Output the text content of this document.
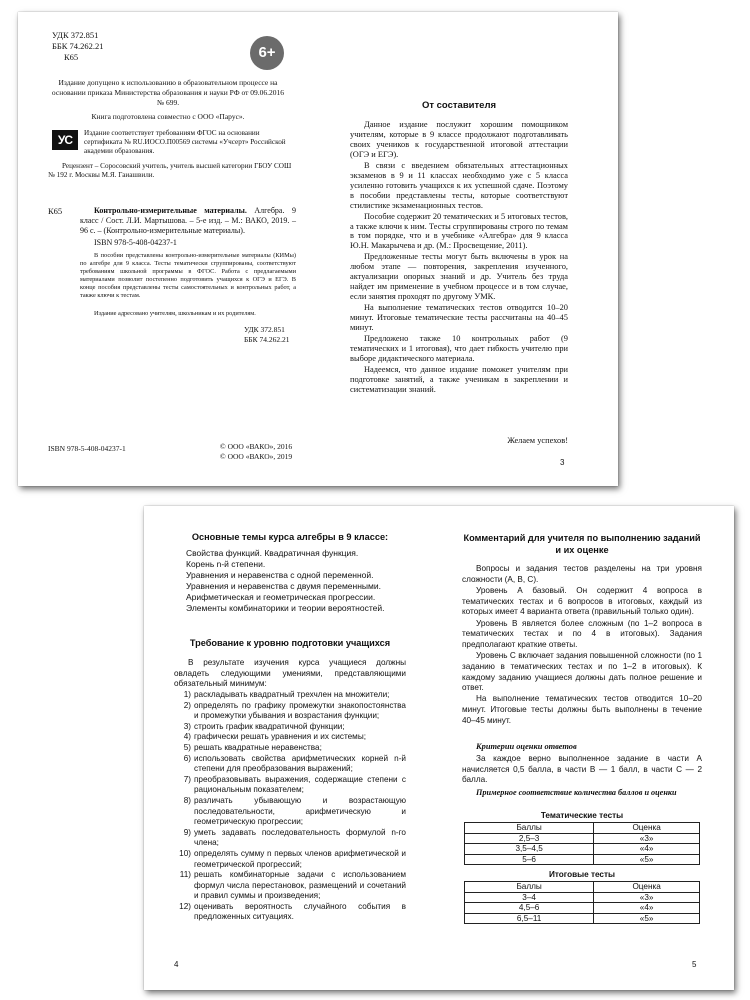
УДК 372.851
ББК 74.262.21
К65	6+

Издание допущено к использованию в образовательном процессе на основании приказа Министерства образования и науки РФ от 09.06.2016 № 699.

Книга подготовлена совместно с ООО «Парус».

УС	Издание соответствует требованиям ФГОС на основании сертификата № RU.ИОСО.П00569 системы «Учсерт» Российской академии образования.

Рецензент – Соросовский учитель, учитель высшей категории ГБОУ СОШ № 192 г. Москвы М.Я. Гаиашвили.

К65	Контрольно-измерительные материалы. Алгебра. 9 класс / Сост. Л.И. Мартышова. – 5-е изд. – М.: ВАКО, 2019. – 96 с. – (Контрольно-измерительные материалы).

ISBN 978-5-408-04237-1

В пособии представлены контрольно-измерительные материалы (КИМы) по алгебре для 9 класса. Тесты тематически сгруппированы, соответствуют требованиям школьной программы в ФГОС. Работа с предлагаемыми материалами позволит постепенно подготовить учащихся к ОГЭ и ЕГЭ. В конце пособия представлены тесты самостоятельных и контрольных работ, а также ключи к тестам.

Издание адресовано учителям, школьникам и их родителям.

УДК 372.851
ББК 74.262.21
ISBN 978-5-408-04237-1	© ООО «ВАКО», 2016
© ООО «ВАКО», 2019
От составителя

Данное издание послужит хорошим помощником учителям, которые в 9 классе продолжают подготавливать своих учеников к государственной итоговой аттестации (ОГЭ и ЕГЭ).

В связи с введением обязательных аттестационных экзаменов в 9 и 11 классах необходимо уже с 5 класса усиленно готовить учащихся к их успешной сдаче. Поэтому в пособии представлены тесты, которые соответствуют стилистике экзаменационных тестов.

Пособие содержит 20 тематических и 5 итоговых тестов, а также ключи к ним. Тесты сгруппированы строго по темам в том порядке, что и в учебнике «Алгебра» для 9 класса Ю.Н. Макарычева и др. (М.: Просвещение, 2011).

Предложенные тесты могут быть включены в урок на любом этапе — повторения, закрепления изученного, актуализации опорных знаний и др. Учитель без труда найдет им применение в учебном процессе и в том случае, если занятия проходят по другому УМК.

На выполнение тематических тестов отводится 10–20 минут. Итоговые тематические тесты рассчитаны на 40–45 минут.

Предложено также 10 контрольных работ (9 тематических и 1 итоговая), что дает гибкость учителю при выборе дидактического материала.

Надеемся, что данное издание поможет учителям при подготовке занятий, а также ученикам в закреплении и систематизации знаний.

Желаем успехов!
3
Основные темы курса алгебры в 9 классе:
Свойства функций. Квадратичная функция.
Корень n-й степени.
Уравнения и неравенства с одной переменной.
Уравнения и неравенства с двумя переменными.
Арифметическая и геометрическая прогрессии.
Элементы комбинаторики и теории вероятностей.
Требование к уровню подготовки учащихся

В результате изучения курса учащиеся должны овладеть следующими умениями, представляющими обязательный минимум:

1) раскладывать квадратный трехчлен на множители;
2) определять по графику промежутки знакопостоянства и промежутки убывания и возрастания функции;
3) строить график квадратичной функции;
4) графически решать уравнения и их системы;
5) решать квадратные неравенства;
6) использовать свойства арифметических корней n-й степени для преобразования выражений;
7) преобразовывать выражения, содержащие степени с рациональным показателем;
8) различать убывающую и возрастающую последовательности, арифметическую и геометрическую прогрессии;
9) уметь задавать последовательность формулой n-го члена;
10) определять сумму n первых членов арифметической и геометрической прогрессий;
11) решать комбинаторные задачи с использованием формул числа перестановок, размещений и сочетаний и правил суммы и произведения;
12) оценивать вероятность случайного события в предложенных ситуациях.
4
Комментарий для учителя по выполнению заданий и их оценке

Вопросы и задания тестов разделены на три уровня сложности (А, В, С).

Уровень А базовый. Он содержит 4 вопроса в тематических тестах и 6 вопросов в итоговых, каждый из которых имеет 4 варианта ответа (правильный только один).

Уровень В является более сложным (по 1–2 вопроса в тематических тестах и по 4 в итоговых). Задания предполагают краткие ответы.

Уровень С включает задания повышенной сложности (по 1 заданию в тематических тестах и по 1–2 в итоговых). К каждому заданию учащиеся должны дать полное решение и ответ.

На выполнение тематических тестов отводится 10–20 минут. Итоговые тесты должны быть выполнены в течение 40–45 минут.

Критерии оценки ответов

За каждое верно выполненное задание в части А начисляется 0,5 балла, в части В — 1 балл, в части С — 2 балла.

Примерное соответствие количества баллов и оценки

Тематические тесты
Баллы	Оценка
2,5–3	«3»
3,5–4,5	«4»
5–6	«5»
Итоговые тесты
Баллы	Оценка
3–4	«3»
4,5–6	«4»
6,5–11	«5»
5
